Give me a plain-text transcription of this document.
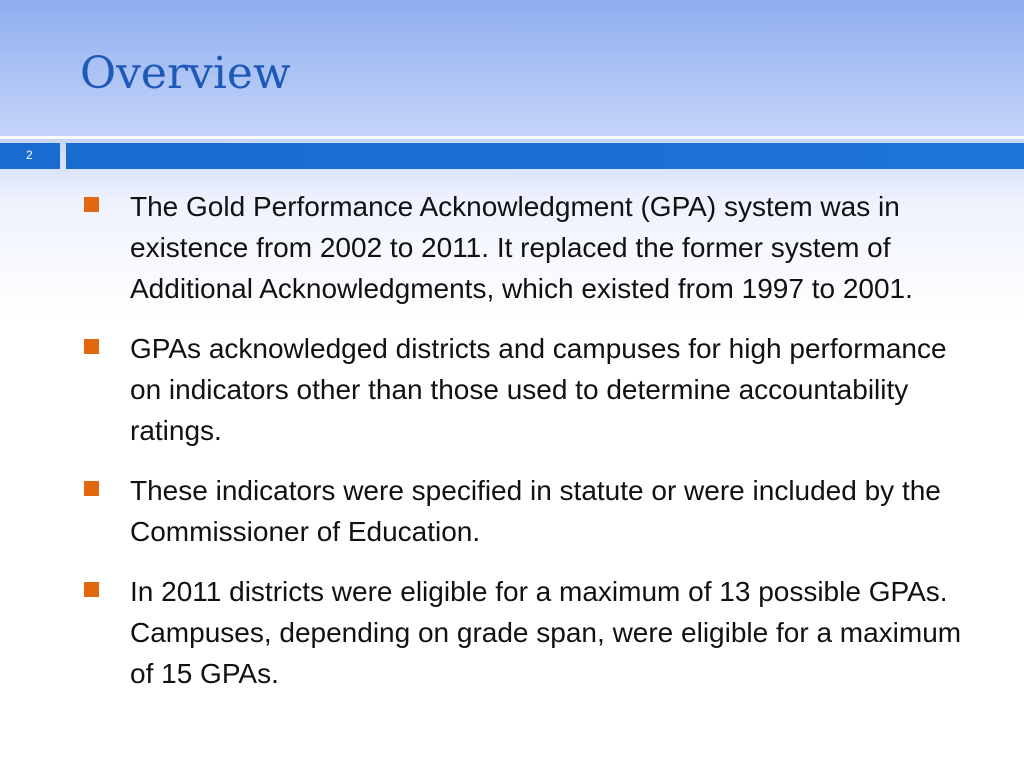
Overview
2
The Gold Performance Acknowledgment (GPA) system was in existence from 2002 to 2011. It replaced the former system of Additional Acknowledgments, which existed from 1997 to 2001.
GPAs acknowledged districts and campuses for high performance on indicators other than those used to determine accountability ratings.
These indicators were specified in statute or were included by the Commissioner of Education.
In 2011 districts were eligible for a maximum of 13 possible GPAs.  Campuses, depending on grade span, were eligible for a maximum of 15 GPAs.
